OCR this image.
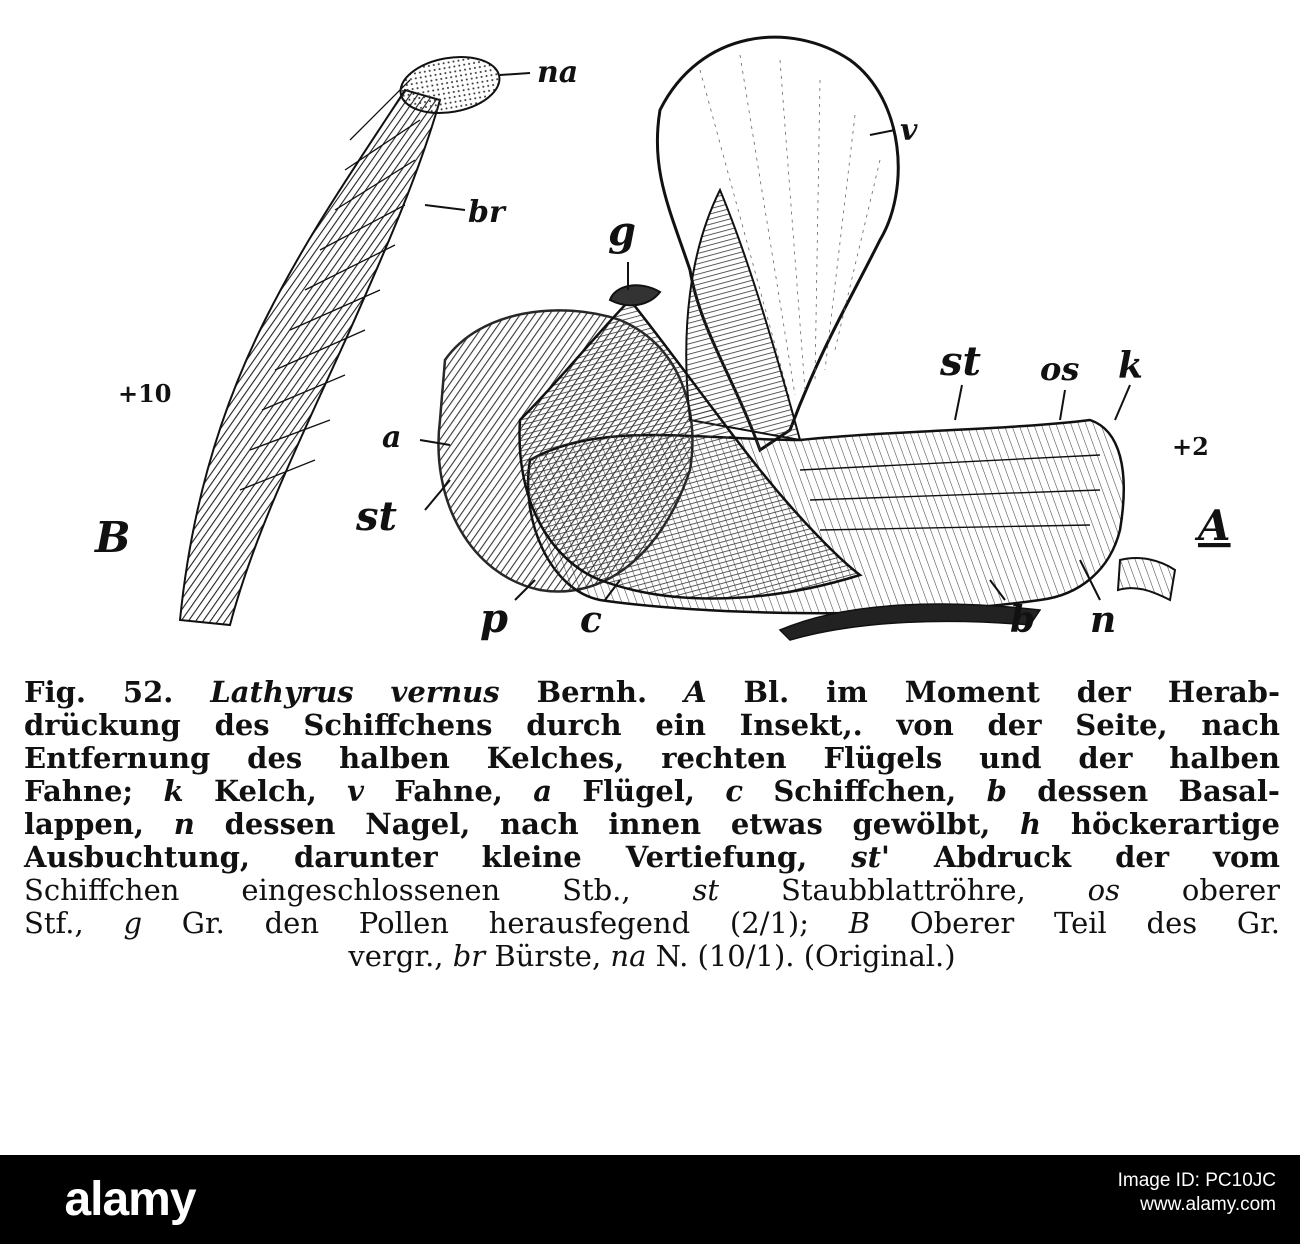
na
br
v
g
st os k
a
st
p c	b n
B	A
+10
+2
Fig. 52. Lathyrus vernus Bernh. A Bl. im Moment der Herab-
drückung des Schiffchens durch ein Insekt,. von der Seite, nach
Entfernung des halben Kelches, rechten Flügels und der halben
Fahne; k Kelch, v Fahne, a Flügel, c Schiffchen, b dessen Basal-
lappen, n dessen Nagel, nach innen etwas gewölbt, h höckerartige
Ausbuchtung, darunter kleine Vertiefung, st' Abdruck der vom
Schiffchen eingeschlossenen Stb., st Staubblattröhre, os oberer
Stf., g Gr. den Pollen herausfegend (2/1); B Oberer Teil des Gr.
vergr., br Bürste, na N. (10/1). (Original.)
alamy	Image ID: PC10JC
www.alamy.com
